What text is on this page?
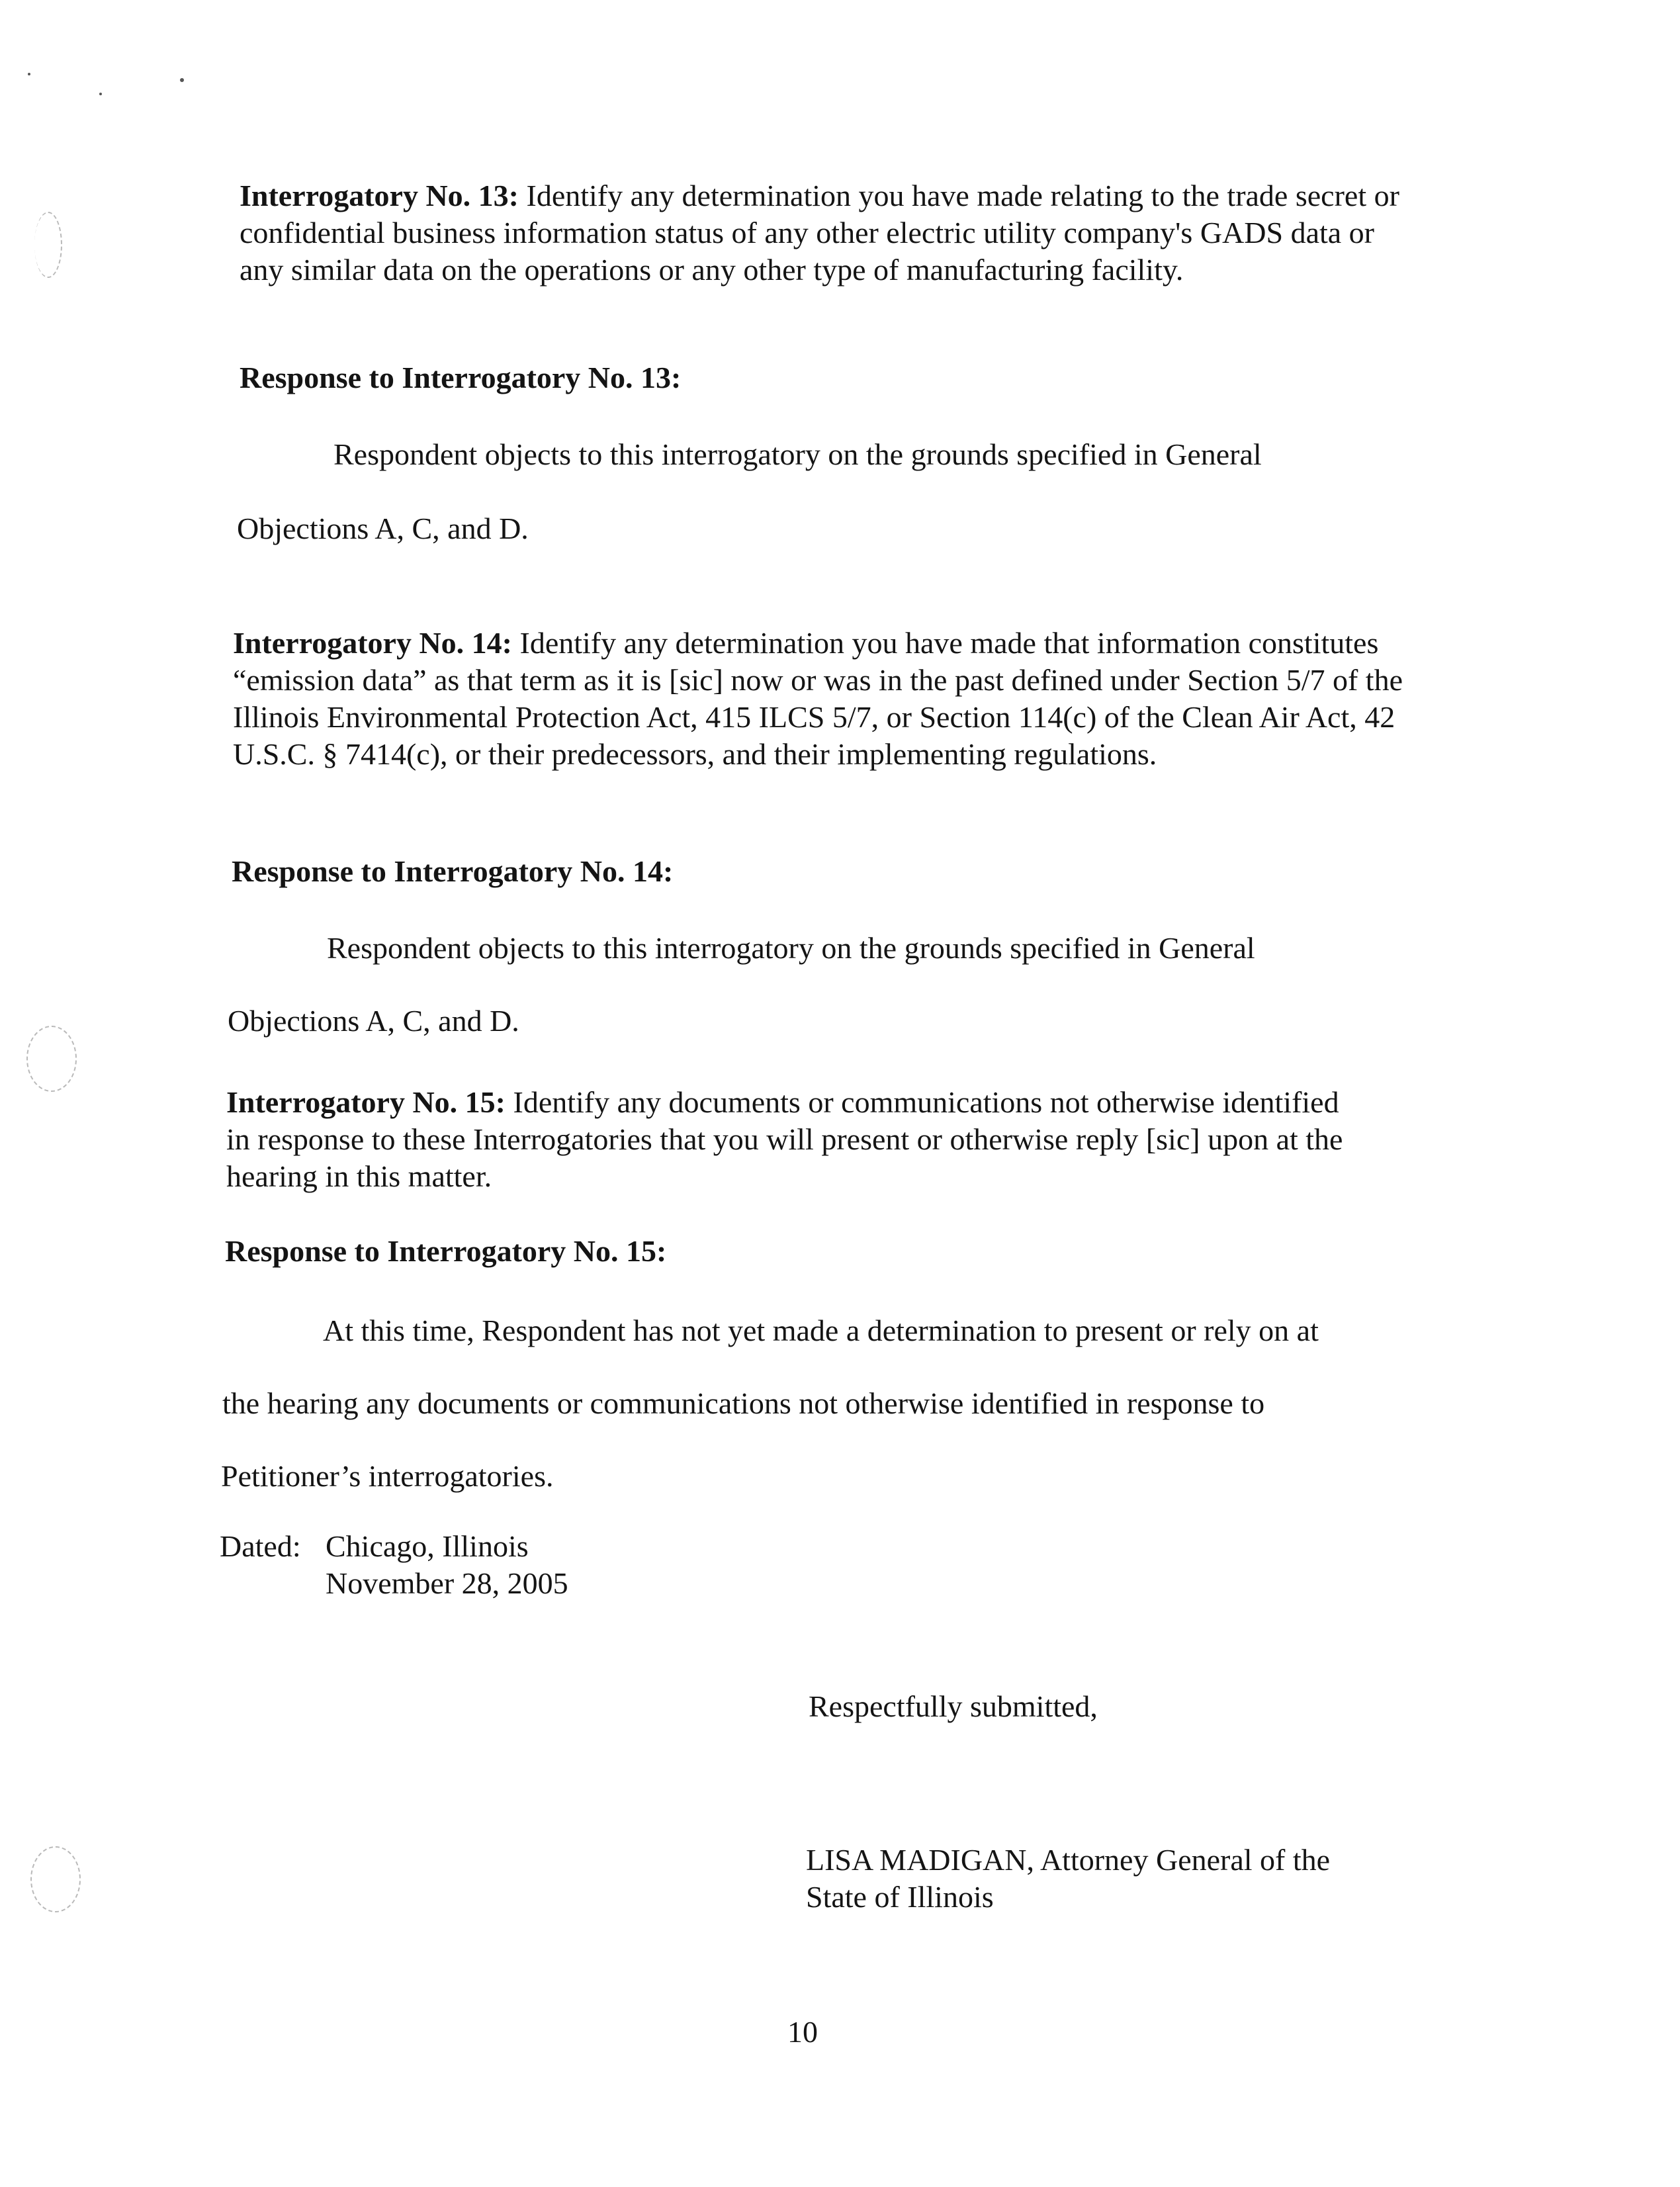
Interrogatory No. 13: Identify any determination you have made relating to the trade secret or confidential business information status of any other electric utility company's GADS data or any similar data on the operations or any other type of manufacturing facility.

Response to Interrogatory No. 13:

Respondent objects to this interrogatory on the grounds specified in General

Objections A, C, and D.

Interrogatory No. 14: Identify any determination you have made that information constitutes “emission data” as that term as it is [sic] now or was in the past defined under Section 5/7 of the Illinois Environmental Protection Act, 415 ILCS 5/7, or Section 114(c) of the Clean Air Act, 42 U.S.C. § 7414(c), or their predecessors, and their implementing regulations.

Response to Interrogatory No. 14:

Respondent objects to this interrogatory on the grounds specified in General

Objections A, C, and D.

Interrogatory No. 15: Identify any documents or communications not otherwise identified in response to these Interrogatories that you will present or otherwise reply [sic] upon at the hearing in this matter.

Response to Interrogatory No. 15:

At this time, Respondent has not yet made a determination to present or rely on at

the hearing any documents or communications not otherwise identified in response to

Petitioner’s interrogatories.

Dated: Chicago, Illinois

November 28, 2005

Respectfully submitted,

LISA MADIGAN, Attorney General of the

State of Illinois

10
